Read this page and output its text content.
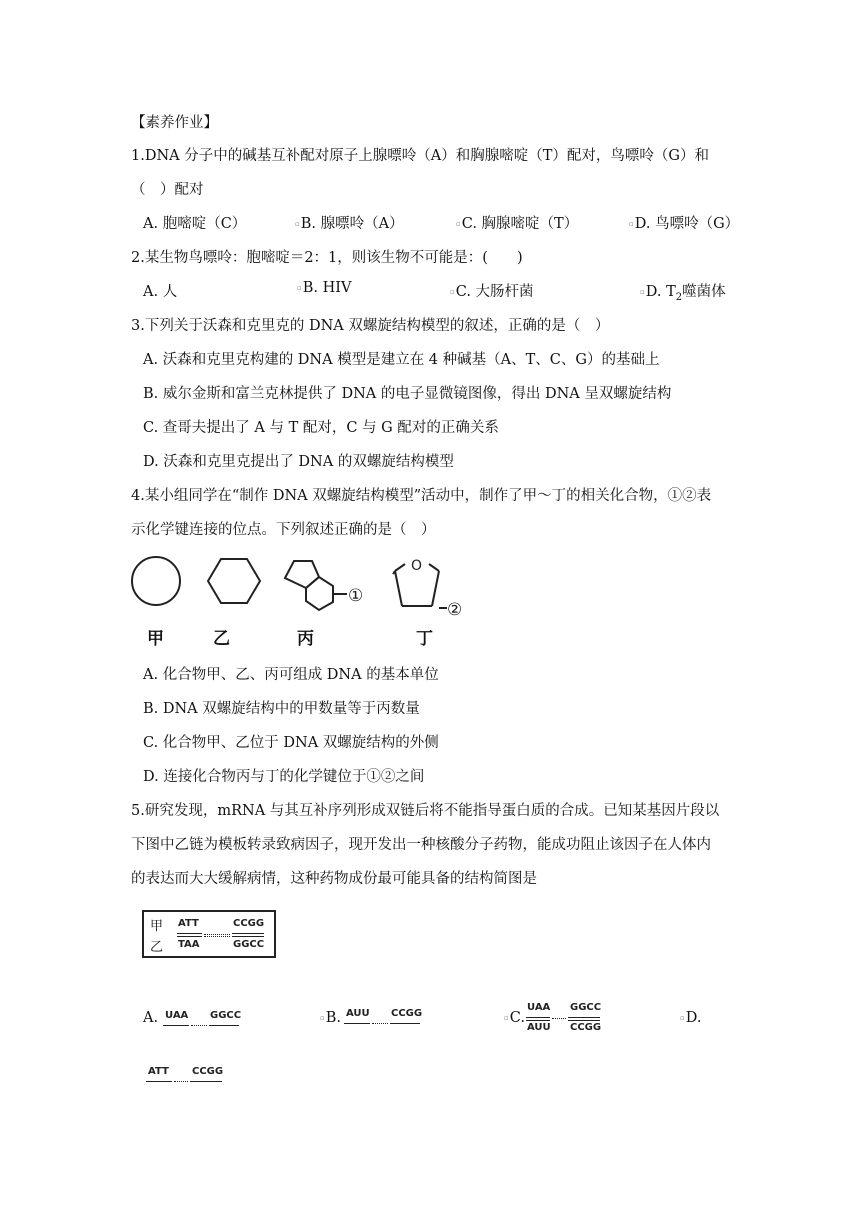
【素养作业】
1.DNA 分子中的碱基互补配对原子上腺嘌呤（A）和胸腺嘧啶（T）配对，鸟嘌呤（G）和
（　）配对
A. 胞嘧啶（C）	▫B. 腺嘌呤（A）	▫C. 胸腺嘧啶（T）	▫D. 鸟嘌呤（G）
2.某生物鸟嘌呤：胞嘧啶＝2：1，则该生物不可能是：(　　)
A. 人	▫B. HIV	▫C. 大肠杆菌	▫D. $T_2$噬菌体
3.下列关于沃森和克里克的 DNA 双螺旋结构模型的叙述，正确的是（　）
A. 沃森和克里克构建的 DNA 模型是建立在 4 种碱基（A、T、C、G）的基础上
B. 威尔金斯和富兰克林提供了 DNA 的电子显微镜图像，得出 DNA 呈双螺旋结构
C. 查哥夫提出了 A 与 T 配对，C 与 G 配对的正确关系
D. 沃森和克里克提出了 DNA 的双螺旋结构模型
4.某小组同学在“制作 DNA 双螺旋结构模型”活动中，制作了甲～丁的相关化合物，①②表
示化学键连接的位点。下列叙述正确的是（　）
①
O
②
甲	乙	丙	丁
A. 化合物甲、乙、丙可组成 DNA 的基本单位
B. DNA 双螺旋结构中的甲数量等于丙数量
C. 化合物甲、乙位于 DNA 双螺旋结构的外侧
D. 连接化合物丙与丁的化学键位于①②之间
5.研究发现，mRNA 与其互补序列形成双链后将不能指导蛋白质的合成。已知某基因片段以
下图中乙链为模板转录致病因子，现开发出一种核酸分子药物，能成功阻止该因子在人体内
的表达而大大缓解病情，这种药物成份最可能具备的结构简图是
甲
乙
ATT	CCGG
TAA	GGCC
A. UAA GGCC	▫B. AUU CCGG	▫C.
UAA GGCC
AUU CCGG
▫D.
ATT CCGG
